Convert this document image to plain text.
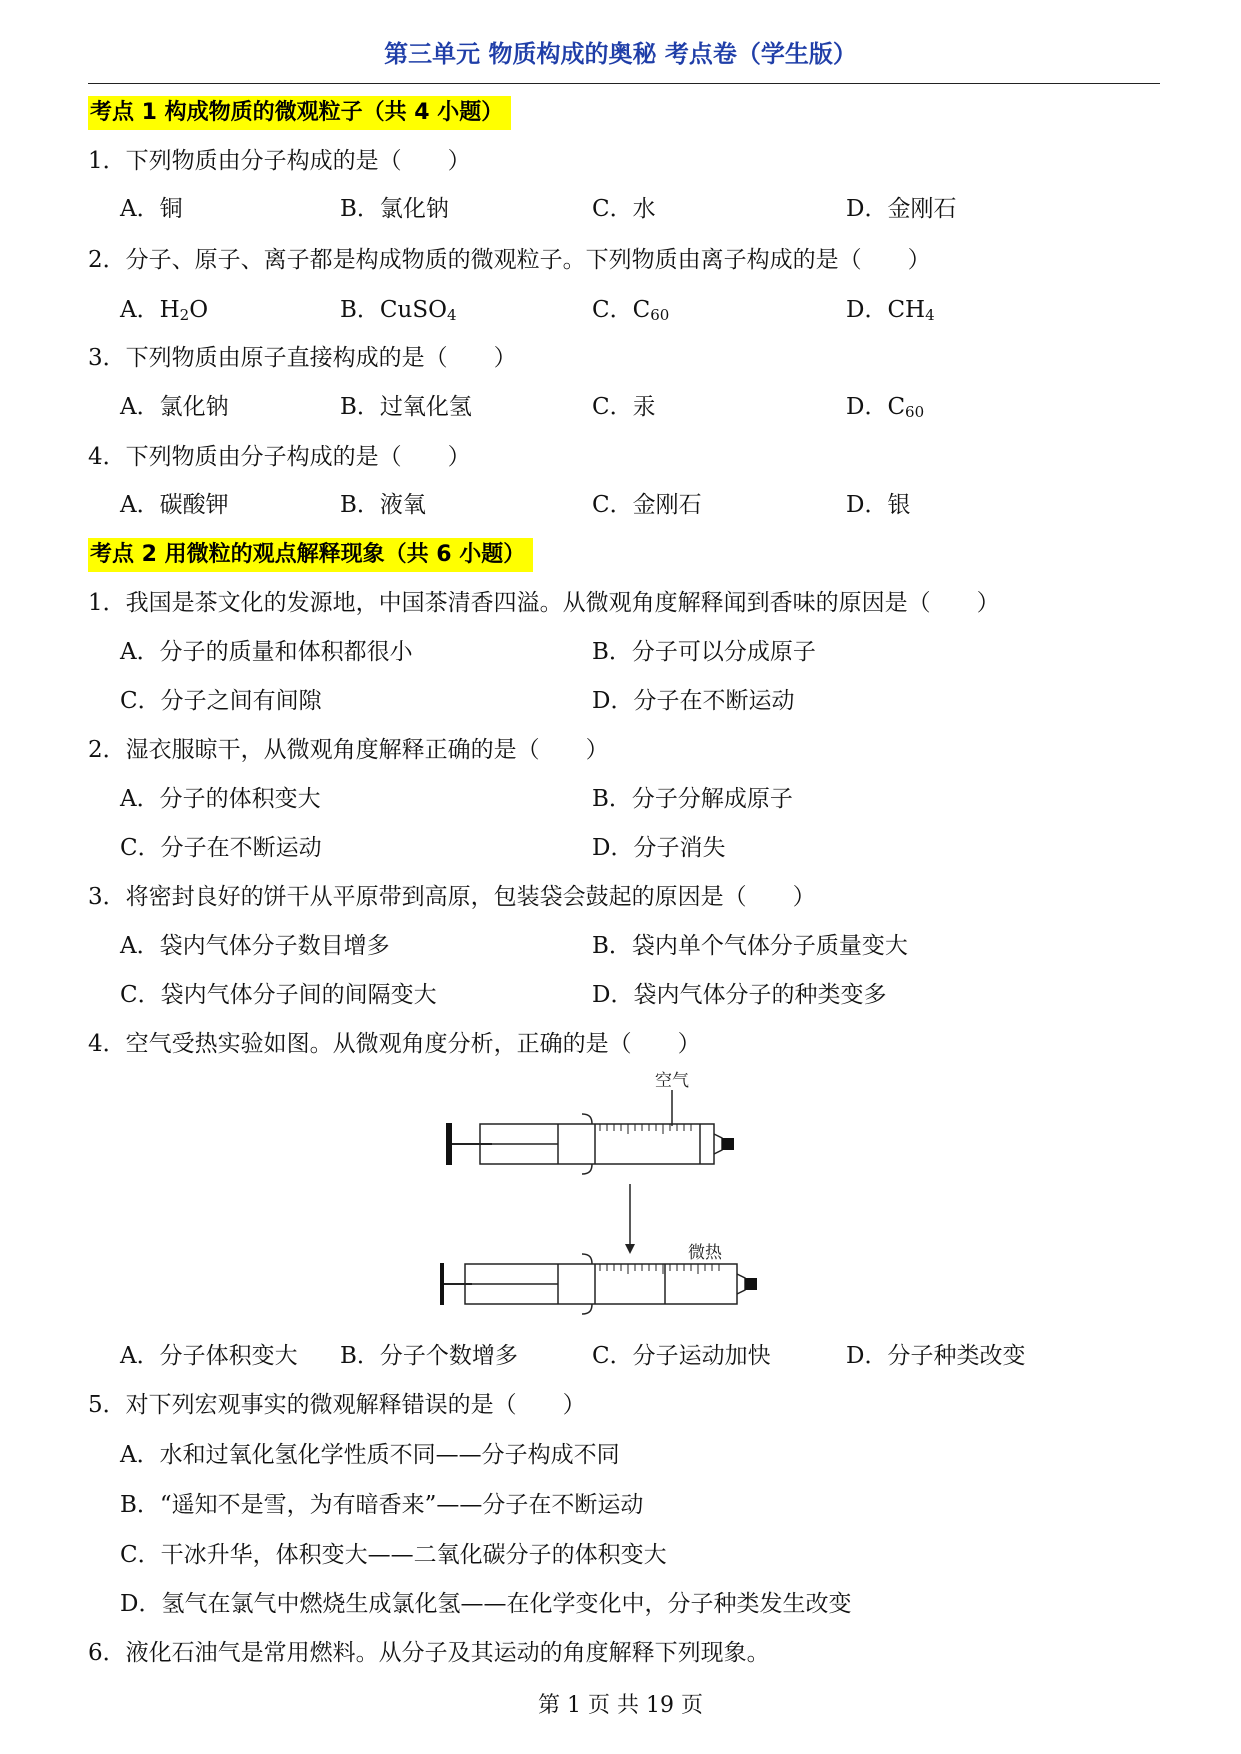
第三单元 物质构成的奥秘 考点卷（学生版）
考点 1 构成物质的微观粒子（共 4 小题）
1．下列物质由分子构成的是（　　）
A．铜	B．氯化钠	C．水	D．金刚石
2．分子、原子、离子都是构成物质的微观粒子。下列物质由离子构成的是（　　）
A．$H_2O$	B．CuSO$_4$	C．$C_{60}$	D．$CH_4$
3．下列物质由原子直接构成的是（　　）
A．氯化钠	B．过氧化氢	C．汞	D．$C_{60}$
4．下列物质由分子构成的是（　　）
A．碳酸钾	B．液氧	C．金刚石	D．银
考点 2 用微粒的观点解释现象（共 6 小题）
1．我国是茶文化的发源地，中国茶清香四溢。从微观角度解释闻到香味的原因是（　　）
A．分子的质量和体积都很小	B．分子可以分成原子
C．分子之间有间隙	D．分子在不断运动
2．湿衣服晾干，从微观角度解释正确的是（　　）
A．分子的体积变大	B．分子分解成原子
C．分子在不断运动	D．分子消失
3．将密封良好的饼干从平原带到高原，包装袋会鼓起的原因是（　　）
A．袋内气体分子数目增多	B．袋内单个气体分子质量变大
C．袋内气体分子间的间隔变大	D．袋内气体分子的种类变多
4．空气受热实验如图。从微观角度分析，正确的是（　　）
空气
微热
A．分子体积变大 B．分子个数增多	C．分子运动加快	D．分子种类改变
5．对下列宏观事实的微观解释错误的是（　　）
A．水和过氧化氢化学性质不同——分子构成不同
B．“遥知不是雪，为有暗香来”——分子在不断运动
C．干冰升华，体积变大——二氧化碳分子的体积变大
D．氢气在氯气中燃烧生成氯化氢——在化学变化中，分子种类发生改变
6．液化石油气是常用燃料。从分子及其运动的角度解释下列现象。
第 1 页 共 19 页
